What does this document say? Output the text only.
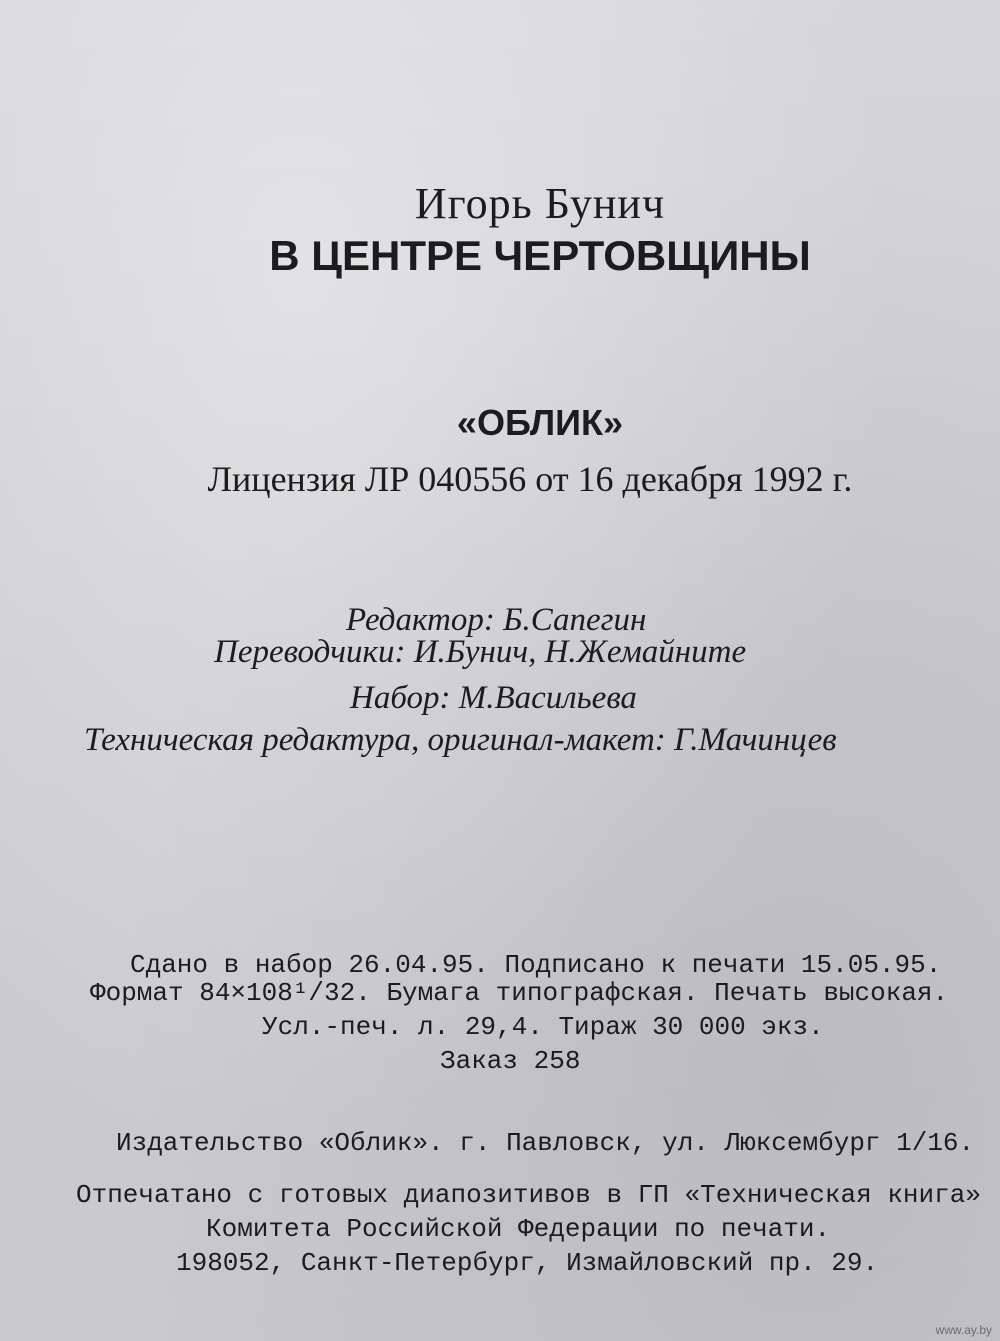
Игорь Бунич

В ЦЕНТРЕ ЧЕРТОВЩИНЫ

«ОБЛИК»

Лицензия ЛР 040556 от 16 декабря 1992 г.

Редактор: Б.Сапегин

Переводчики: И.Бунич, Н.Жемайните

Набор: М.Васильева

Техническая редактура, оригинал-макет: Г.Мачинцев

Сдано в набор 26.04.95. Подписано к печати 15.05.95.

Формат 84×108¹/32. Бумага типографская. Печать высокая.

Усл.-печ. л. 29,4. Тираж 30 000 экз.

Заказ 258

Издательство «Облик». г. Павловск, ул. Люксембург 1/16.

Отпечатано с готовых диапозитивов в ГП «Техническая книга»

Комитета Российской Федерации по печати.

198052, Санкт-Петербург, Измайловский пр. 29.

www.ay.by
